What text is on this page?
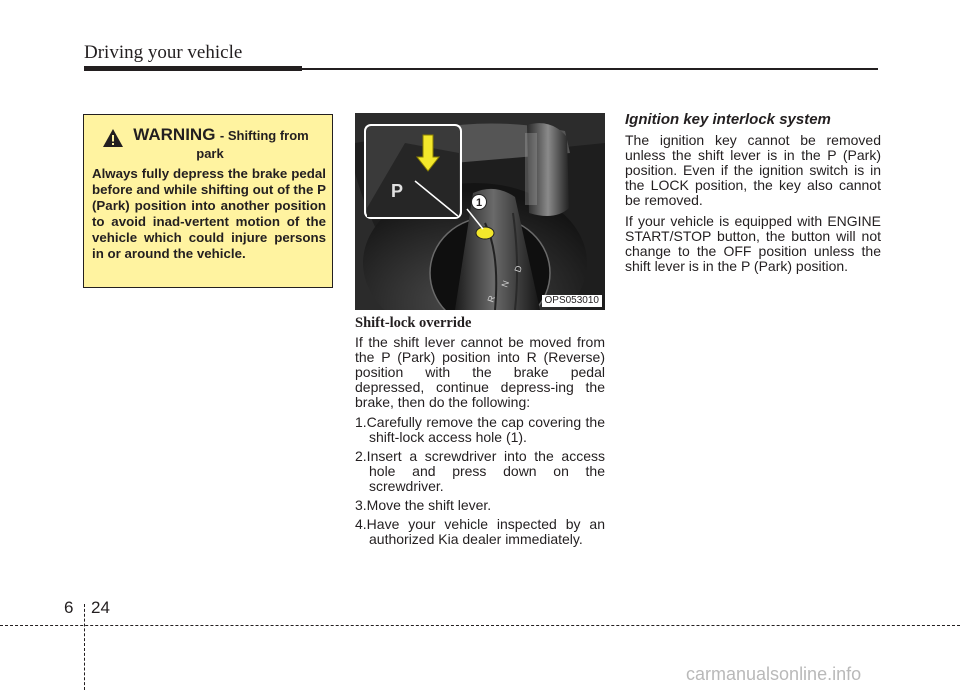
Driving your vehicle
WARNING - Shifting from
park
Always fully depress the brake pedal before and while shifting out of the P (Park) position into another position to avoid inad-vertent motion of the vehicle which could injure persons in or around the vehicle.
P
R
N
D
1
OPS053010
Shift-lock override

If the shift lever cannot be moved from the P (Park) position into R (Reverse) position with the brake pedal depressed, continue depress-ing the brake, then do the following:

1.Carefully remove the cap covering the shift-lock access hole (1).
2.Insert a screwdriver into the access hole and press down on the screwdriver.
3.Move the shift lever.
4.Have your vehicle inspected by an authorized Kia dealer immediately.
Ignition key interlock system

The ignition key cannot be removed unless the shift lever is in the P (Park) position. Even if the ignition switch is in the LOCK position, the key also cannot be removed.

If your vehicle is equipped with ENGINE START/STOP button, the button will not change to the OFF position unless the shift lever is in the P (Park) position.

6 24
carmanualsonline.info
